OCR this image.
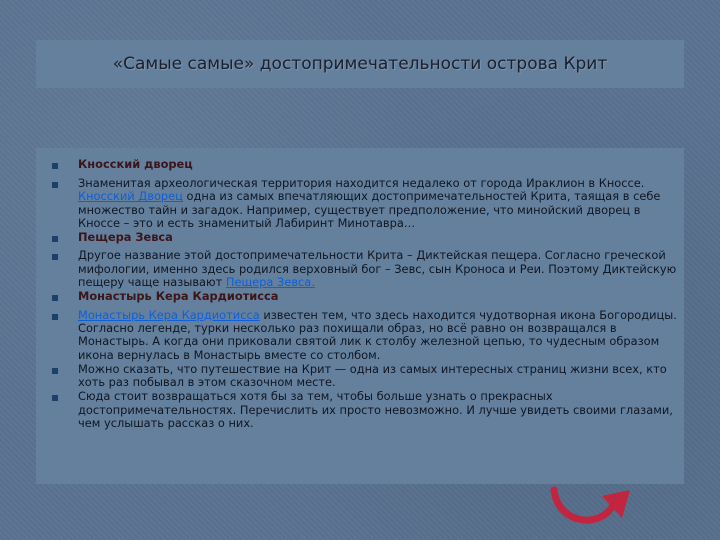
«Самые самые» достопримечательности острова Крит
Кносский дворец
Знаменитая археологическая территория находится недалеко от города Ираклион в Кноссе. Кносский Дворец одна из самых впечатляющих достопримечательностей Крита, таящая в себе множество тайн и загадок. Например, существует предположение, что минойский дворец в Кноссе – это и есть знаменитый Лабиринт Минотавра…
Пещера Зевса
Другое название этой достопримечательности Крита – Диктейская пещера. Согласно греческой мифологии, именно здесь родился верховный бог – Зевс, сын Кроноса и Реи. Поэтому Диктейскую пещеру чаще называют Пещера Зевса.
Монастырь Кера Кардиотисса
Монастырь Кера Кардиотисса известен тем, что здесь находится чудотворная икона Богородицы. Согласно легенде, турки несколько раз похищали образ, но всё равно он возвращался в Монастырь. А когда они приковали святой лик к столбу железной цепью, то чудесным образом икона вернулась в Монастырь вместе со столбом.
Можно сказать, что путешествие на Крит — одна из самых интересных страниц жизни всех, кто хоть раз побывал в этом сказочном месте.
Сюда стоит возвращаться хотя бы за тем, чтобы больше узнать о прекрасных достопримечательностях. Перечислить их просто невозможно. И лучше увидеть своими глазами, чем услышать рассказ о них.
